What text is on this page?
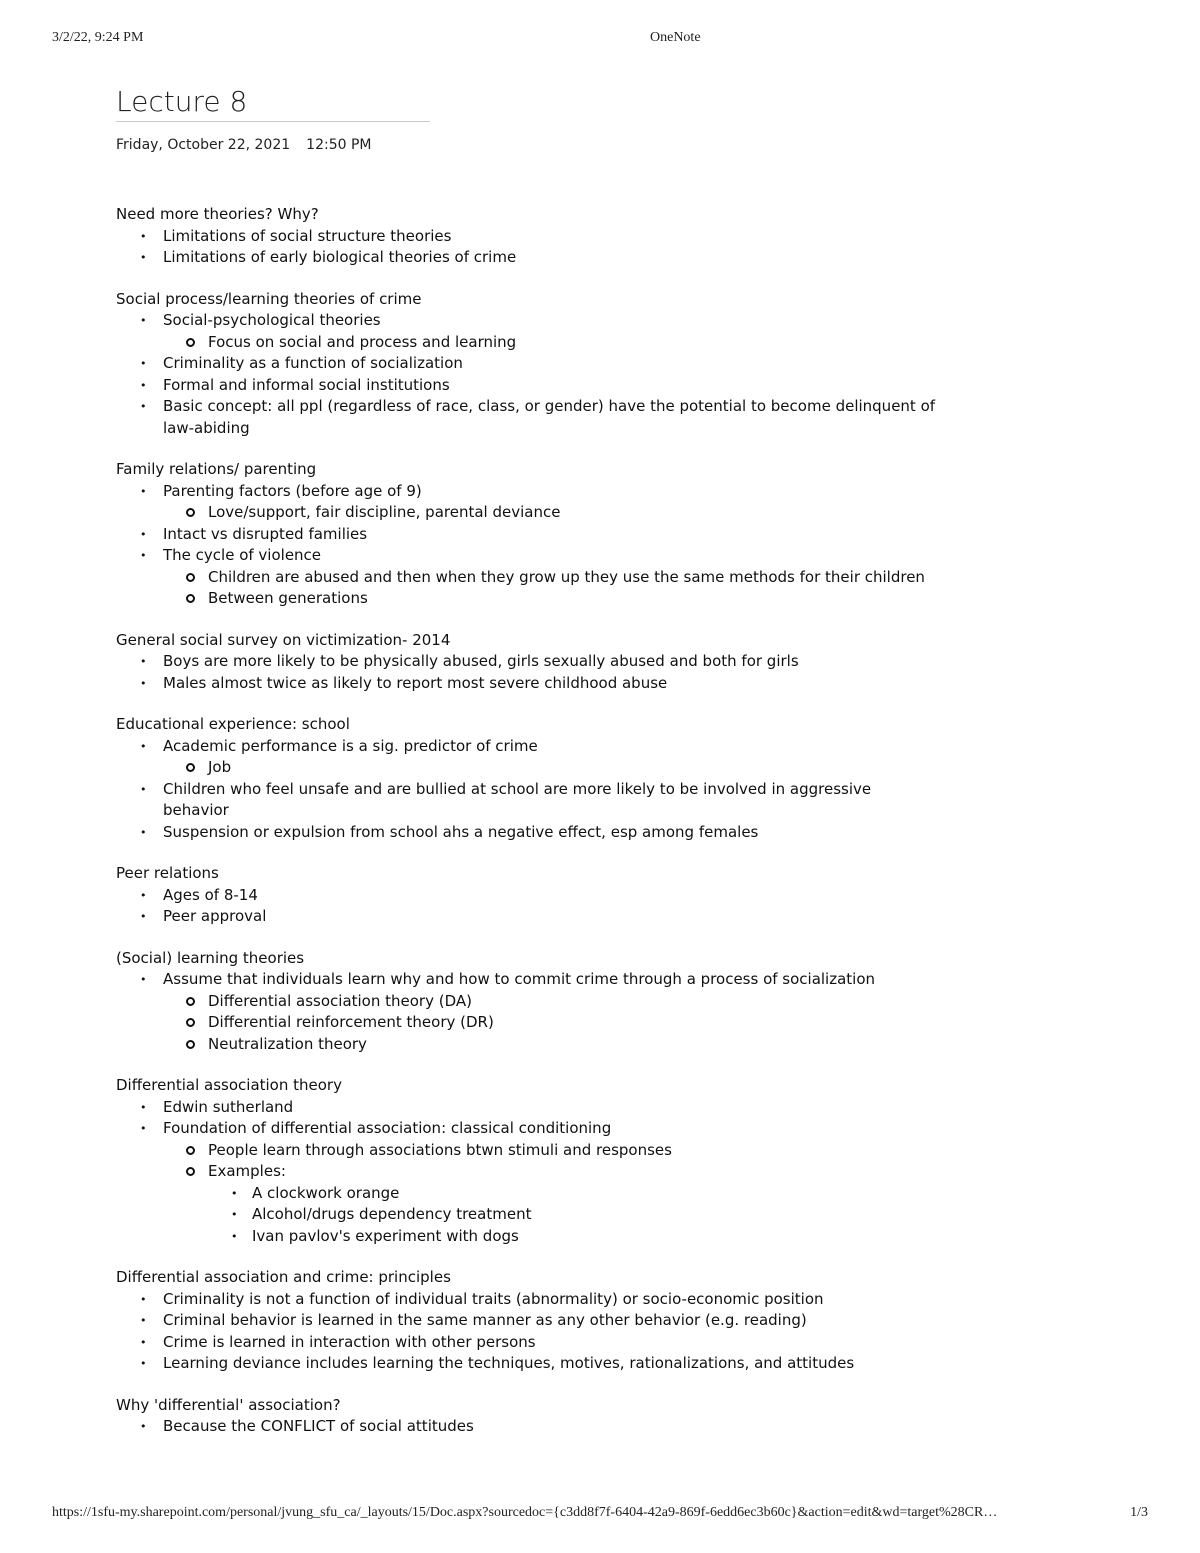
3/2/22, 9:24 PM	OneNote
Lecture 8
Friday, October 22, 2021 12:50 PM
Need more theories? Why?
• Limitations of social structure theories
• Limitations of early biological theories of crime
Social process/learning theories of crime
• Social-psychological theories
Focus on social and process and learning
• Criminality as a function of socialization
• Formal and informal social institutions
• Basic concept: all ppl (regardless of race, class, or gender) have the potential to become delinquent of law-abiding
Family relations/ parenting
• Parenting factors (before age of 9)
Love/support, fair discipline, parental deviance
• Intact vs disrupted families
• The cycle of violence
Children are abused and then when they grow up they use the same methods for their children
Between generations
General social survey on victimization- 2014
• Boys are more likely to be physically abused, girls sexually abused and both for girls
• Males almost twice as likely to report most severe childhood abuse
Educational experience: school
• Academic performance is a sig. predictor of crime
Job
• Children who feel unsafe and are bullied at school are more likely to be involved in aggressive behavior
• Suspension or expulsion from school ahs a negative effect, esp among females
Peer relations
• Ages of 8-14
• Peer approval
(Social) learning theories
• Assume that individuals learn why and how to commit crime through a process of socialization
Differential association theory (DA)
Differential reinforcement theory (DR)
Neutralization theory
Differential association theory
• Edwin sutherland
• Foundation of differential association: classical conditioning
People learn through associations btwn stimuli and responses
Examples:
• A clockwork orange
• Alcohol/drugs dependency treatment
• Ivan pavlov's experiment with dogs
Differential association and crime: principles
• Criminality is not a function of individual traits (abnormality) or socio-economic position
• Criminal behavior is learned in the same manner as any other behavior (e.g. reading)
• Crime is learned in interaction with other persons
• Learning deviance includes learning the techniques, motives, rationalizations, and attitudes
Why 'differential' association?
• Because the CONFLICT of social attitudes
https://1sfu-my.sharepoint.com/personal/jvung_sfu_ca/_layouts/15/Doc.aspx?sourcedoc={c3dd8f7f-6404-42a9-869f-6edd6ec3b60c}&action=edit&wd=target%28CR…	1/3
